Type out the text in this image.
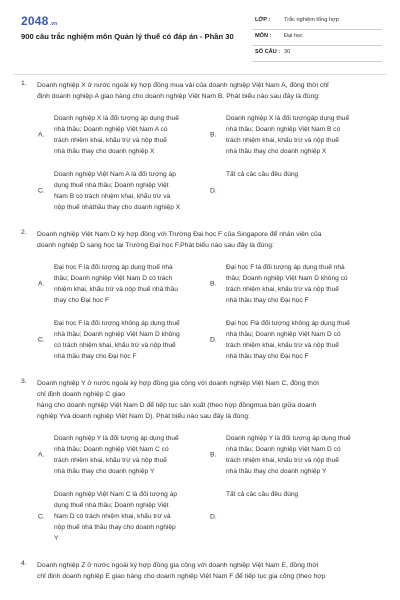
2048.vn
900 câu trắc nghiệm môn Quản lý thuế có đáp án - Phần 30
LỚP : Trắc nghiệm tổng hợp
MÔN : Đại học
SỐ CÂU : 30
1. Doanh nghiệp X ở nước ngoài ký hợp đồng mua vải của doanh nghiệp Việt Nam A, đồng thời chỉ
định doanh nghiệp A giao hàng cho doanh nghiệp Việt Nam B. Phát biểu nào sau đây là đúng:
A.
Doanh nghiệp X là đối tượng áp dụng thuế
nhà thầu; Doanh nghiệp Việt Nam A có
trách nhiệm khai, khấu trừ và nộp thuế
nhà thầu thay cho doanh nghiệp X
B.
Doanh nghiệp X là đối tượngáp dụng thuế
nhà thầu; Doanh nghiệp Việt Nam B có
trách nhiệm khai, khấu trừ và nộp thuế
nhà thầu thay cho doanh nghiệp X
C.
Doanh nghiệp Việt Nam A là đối tượng áp
dụng thuế nhà thầu; Doanh nghiệp Việt
Nam B có trách nhiệm khai, khấu trừ và
nộp thuế nhàthầu thay cho doanh nghiệp X
D.
Tất cả các câu đều đúng
2. Doanh nghiệp Việt Nam D ký hợp đồng với Trường Đại học F của Singapore để nhân viên của
doanh nghiệp D sang học tại Trường Đại học F.Phát biểu nào sau đây là đúng:
A.
Đại học F là đối tượng áp dụng thuế nhà
thầu; Doanh nghiệp Việt Nam D có trách
nhiệm khai, khấu trừ và nộp thuế nhà thầu
thay cho Đại học F
B.
Đại học F là đối tượng áp dụng thuế nhà
thầu; Doanh nghiệp Việt Nam D không có
trách nhiệm khai, khấu trừ và nộp thuế
nhà thầu thay cho Đại học F
C.
Đại học F là đối tượng không áp dụng thuế
nhà thầu; Doanh nghiệp Việt Nam D không
có trách nhiệm khai, khấu trừ và nộp thuế
nhà thầu thay cho Đại học F
D.
Đại học Flà đối tượng không áp dụng thuế
nhà thầu; Doanh nghiệp Việt Nam D có
trách nhiệm khai, khấu trừ và nộp thuế
nhà thầu thay cho Đại học F
3. Doanh nghiệp Y ở nước ngoài ký hợp đồng gia công với doanh nghiệp Việt Nam C, đồng thời
chỉ định doanh nghiệp C giao
hàng cho doanh nghiệp Việt Nam D để tiếp tục sản xuất (theo hợp đồngmua bán giữa doanh
nghiệp Yvà doanh nghiệp Việt Nam D). Phát biểu nào sau đây là đúng:
A.
Doanh nghiệp Y là đối tượng áp dụng thuế
nhà thầu; Doanh nghiệp Việt Nam C có
trách nhiệm khai, khấu trừ và nộp thuế
nhà thầu thay cho doanh nghiệp Y
B.
Doanh nghiệp Y là đối tượng áp dụng thuế
nhà thầu; Doanh nghiệp Việt Nam D có
trách nhiệm khai, khấu trừ và nộp thuế
nhà thầu thay cho doanh nghiệp Y
C.
Doanh nghiệp Việt Nam C là đối tượng áp
dụng thuế nhà thầu; Doanh nghiệp Việt
Nam D có trách nhiệm khai, khấu trừ và
nộp thuế nhà thầu thay cho doanh nghiệp
Y
D.
Tất cả các câu đều đúng
4. Doanh nghiệp Z ở nước ngoài ký hợp đồng gia công với doanh nghiệp Việt Nam E, đồng thời
chỉ định doanh nghiệp E giao hàng cho doanh nghiệp Việt Nam F để tiếp tục gia công (theo hợp
